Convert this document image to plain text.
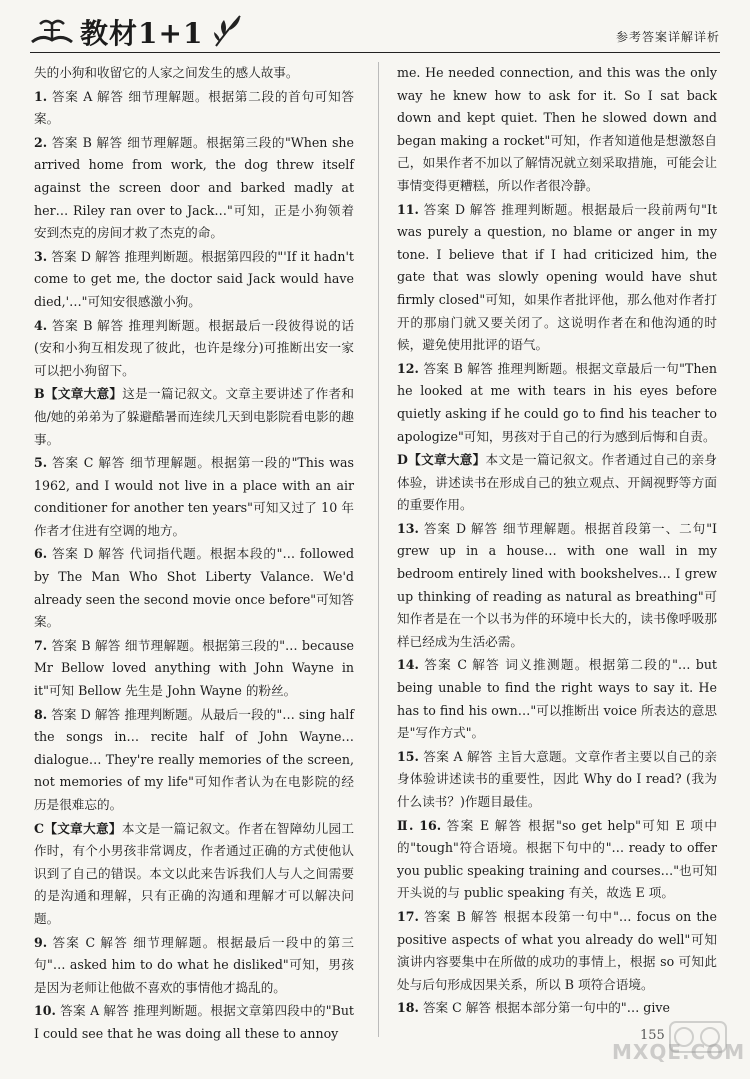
教材1+1	参考答案详解详析
失的小狗和收留它的人家之间发生的感人故事。
1. 答案 A 解答 细节理解题。根据第二段的首句可知答案。
2. 答案 B 解答 细节理解题。根据第三段的"When she arrived home from work, the dog threw itself against the screen door and barked madly at her… Riley ran over to Jack…"可知，正是小狗领着安到杰克的房间才救了杰克的命。
3. 答案 D 解答 推理判断题。根据第四段的"'If it hadn't come to get me, the doctor said Jack would have died,'…"可知安很感激小狗。
4. 答案 B 解答 推理判断题。根据最后一段彼得说的话(安和小狗互相发现了彼此，也许是缘分)可推断出安一家可以把小狗留下。
B【文章大意】这是一篇记叙文。文章主要讲述了作者和他/她的弟弟为了躲避酷暑而连续几天到电影院看电影的趣事。
5. 答案 C 解答 细节理解题。根据第一段的"This was 1962, and I would not live in a place with an air conditioner for another ten years"可知又过了 10 年作者才住进有空调的地方。
6. 答案 D 解答 代词指代题。根据本段的"… followed by The Man Who Shot Liberty Valance. We'd already seen the second movie once before"可知答案。
7. 答案 B 解答 细节理解题。根据第三段的"… because Mr Bellow loved anything with John Wayne in it"可知 Bellow 先生是 John Wayne 的粉丝。
8. 答案 D 解答 推理判断题。从最后一段的"… sing half the songs in… recite half of John Wayne… dialogue… They're really memories of the screen, not memories of my life"可知作者认为在电影院的经历是很难忘的。
C【文章大意】本文是一篇记叙文。作者在智障幼儿园工作时，有个小男孩非常调皮，作者通过正确的方式使他认识到了自己的错误。本文以此来告诉我们人与人之间需要的是沟通和理解，只有正确的沟通和理解才可以解决问题。
9. 答案 C 解答 细节理解题。根据最后一段中的第三句"… asked him to do what he disliked"可知，男孩是因为老师让他做不喜欢的事情他才捣乱的。
10. 答案 A 解答 推理判断题。根据文章第四段中的"But I could see that he was doing all these to annoy
me. He needed connection, and this was the only way he knew how to ask for it. So I sat back down and kept quiet. Then he slowed down and began making a rocket"可知，作者知道他是想激怒自己，如果作者不加以了解情况就立刻采取措施，可能会让事情变得更糟糕，所以作者很冷静。
11. 答案 D 解答 推理判断题。根据最后一段前两句"It was purely a question, no blame or anger in my tone. I believe that if I had criticized him, the gate that was slowly opening would have shut firmly closed"可知，如果作者批评他，那么他对作者打开的那扇门就又要关闭了。这说明作者在和他沟通的时候，避免使用批评的语气。
12. 答案 B 解答 推理判断题。根据文章最后一句"Then he looked at me with tears in his eyes before quietly asking if he could go to find his teacher to apologize"可知，男孩对于自己的行为感到后悔和自责。
D【文章大意】本文是一篇记叙文。作者通过自己的亲身体验，讲述读书在形成自己的独立观点、开阔视野等方面的重要作用。
13. 答案 D 解答 细节理解题。根据首段第一、二句"I grew up in a house… with one wall in my bedroom entirely lined with bookshelves… I grew up thinking of reading as natural as breathing"可知作者是在一个以书为伴的环境中长大的，读书像呼吸那样已经成为生活必需。
14. 答案 C 解答 词义推测题。根据第二段的"… but being unable to find the right ways to say it. He has to find his own…"可以推断出 voice 所表达的意思是"写作方式"。
15. 答案 A 解答 主旨大意题。文章作者主要以自己的亲身体验讲述读书的重要性，因此 Why do I read? (我为什么读书？)作题目最佳。
Ⅱ. 16. 答案 E 解答 根据"so get help"可知 E 项中的"tough"符合语境。根据下句中的"… ready to offer you public speaking training and courses…"也可知开头说的与 public speaking 有关，故选 E 项。
17. 答案 B 解答 根据本段第一句中"… focus on the positive aspects of what you already do well"可知演讲内容要集中在所做的成功的事情上，根据 so 可知此处与后句形成因果关系，所以 B 项符合语境。
18. 答案 C 解答 根据本部分第一句中的"… give
155
MXQE.COM
